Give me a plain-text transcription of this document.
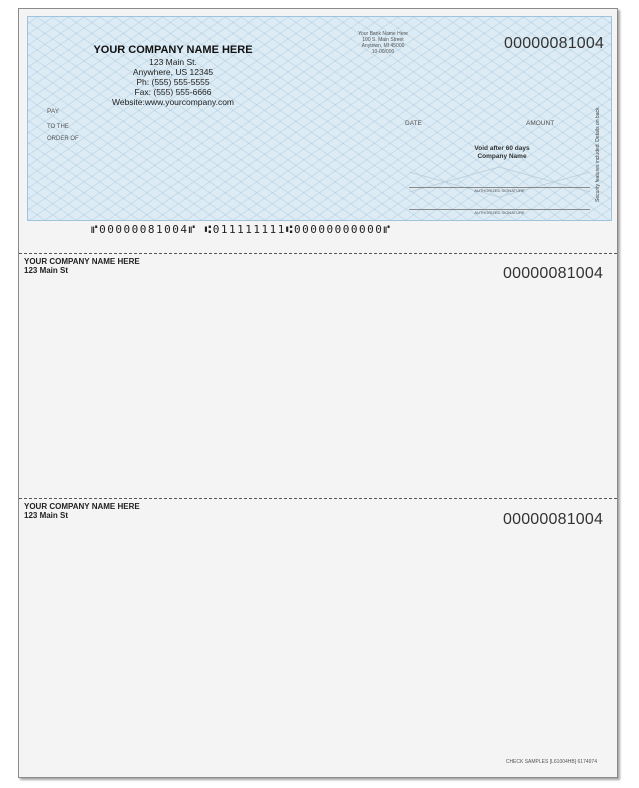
YOUR COMPANY NAME HERE
123 Main St.
Anywhere, US 12345
Ph: (555) 555-5555
Fax: (555) 555-6666
Website:www.yourcompany.com
Your Bank Name Here
100 S. Main Street
Anytown, MI 45000
10-00/000	00000081004
PAY
TO THE
ORDER OF
DATE	AMOUNT
Void after 60 days
Company Name
AUTHORIZED SIGNATURE
AUTHORIZED SIGNATURE
Security features included. Details on back.
⑈00000081004⑈ ⑆011111111⑆00000000000⑈
YOUR COMPANY NAME HERE
123 Main St	00000081004
YOUR COMPANY NAME HERE
123 Main St	00000081004
CHECK SAMPLES [L61004HB] 6174974
